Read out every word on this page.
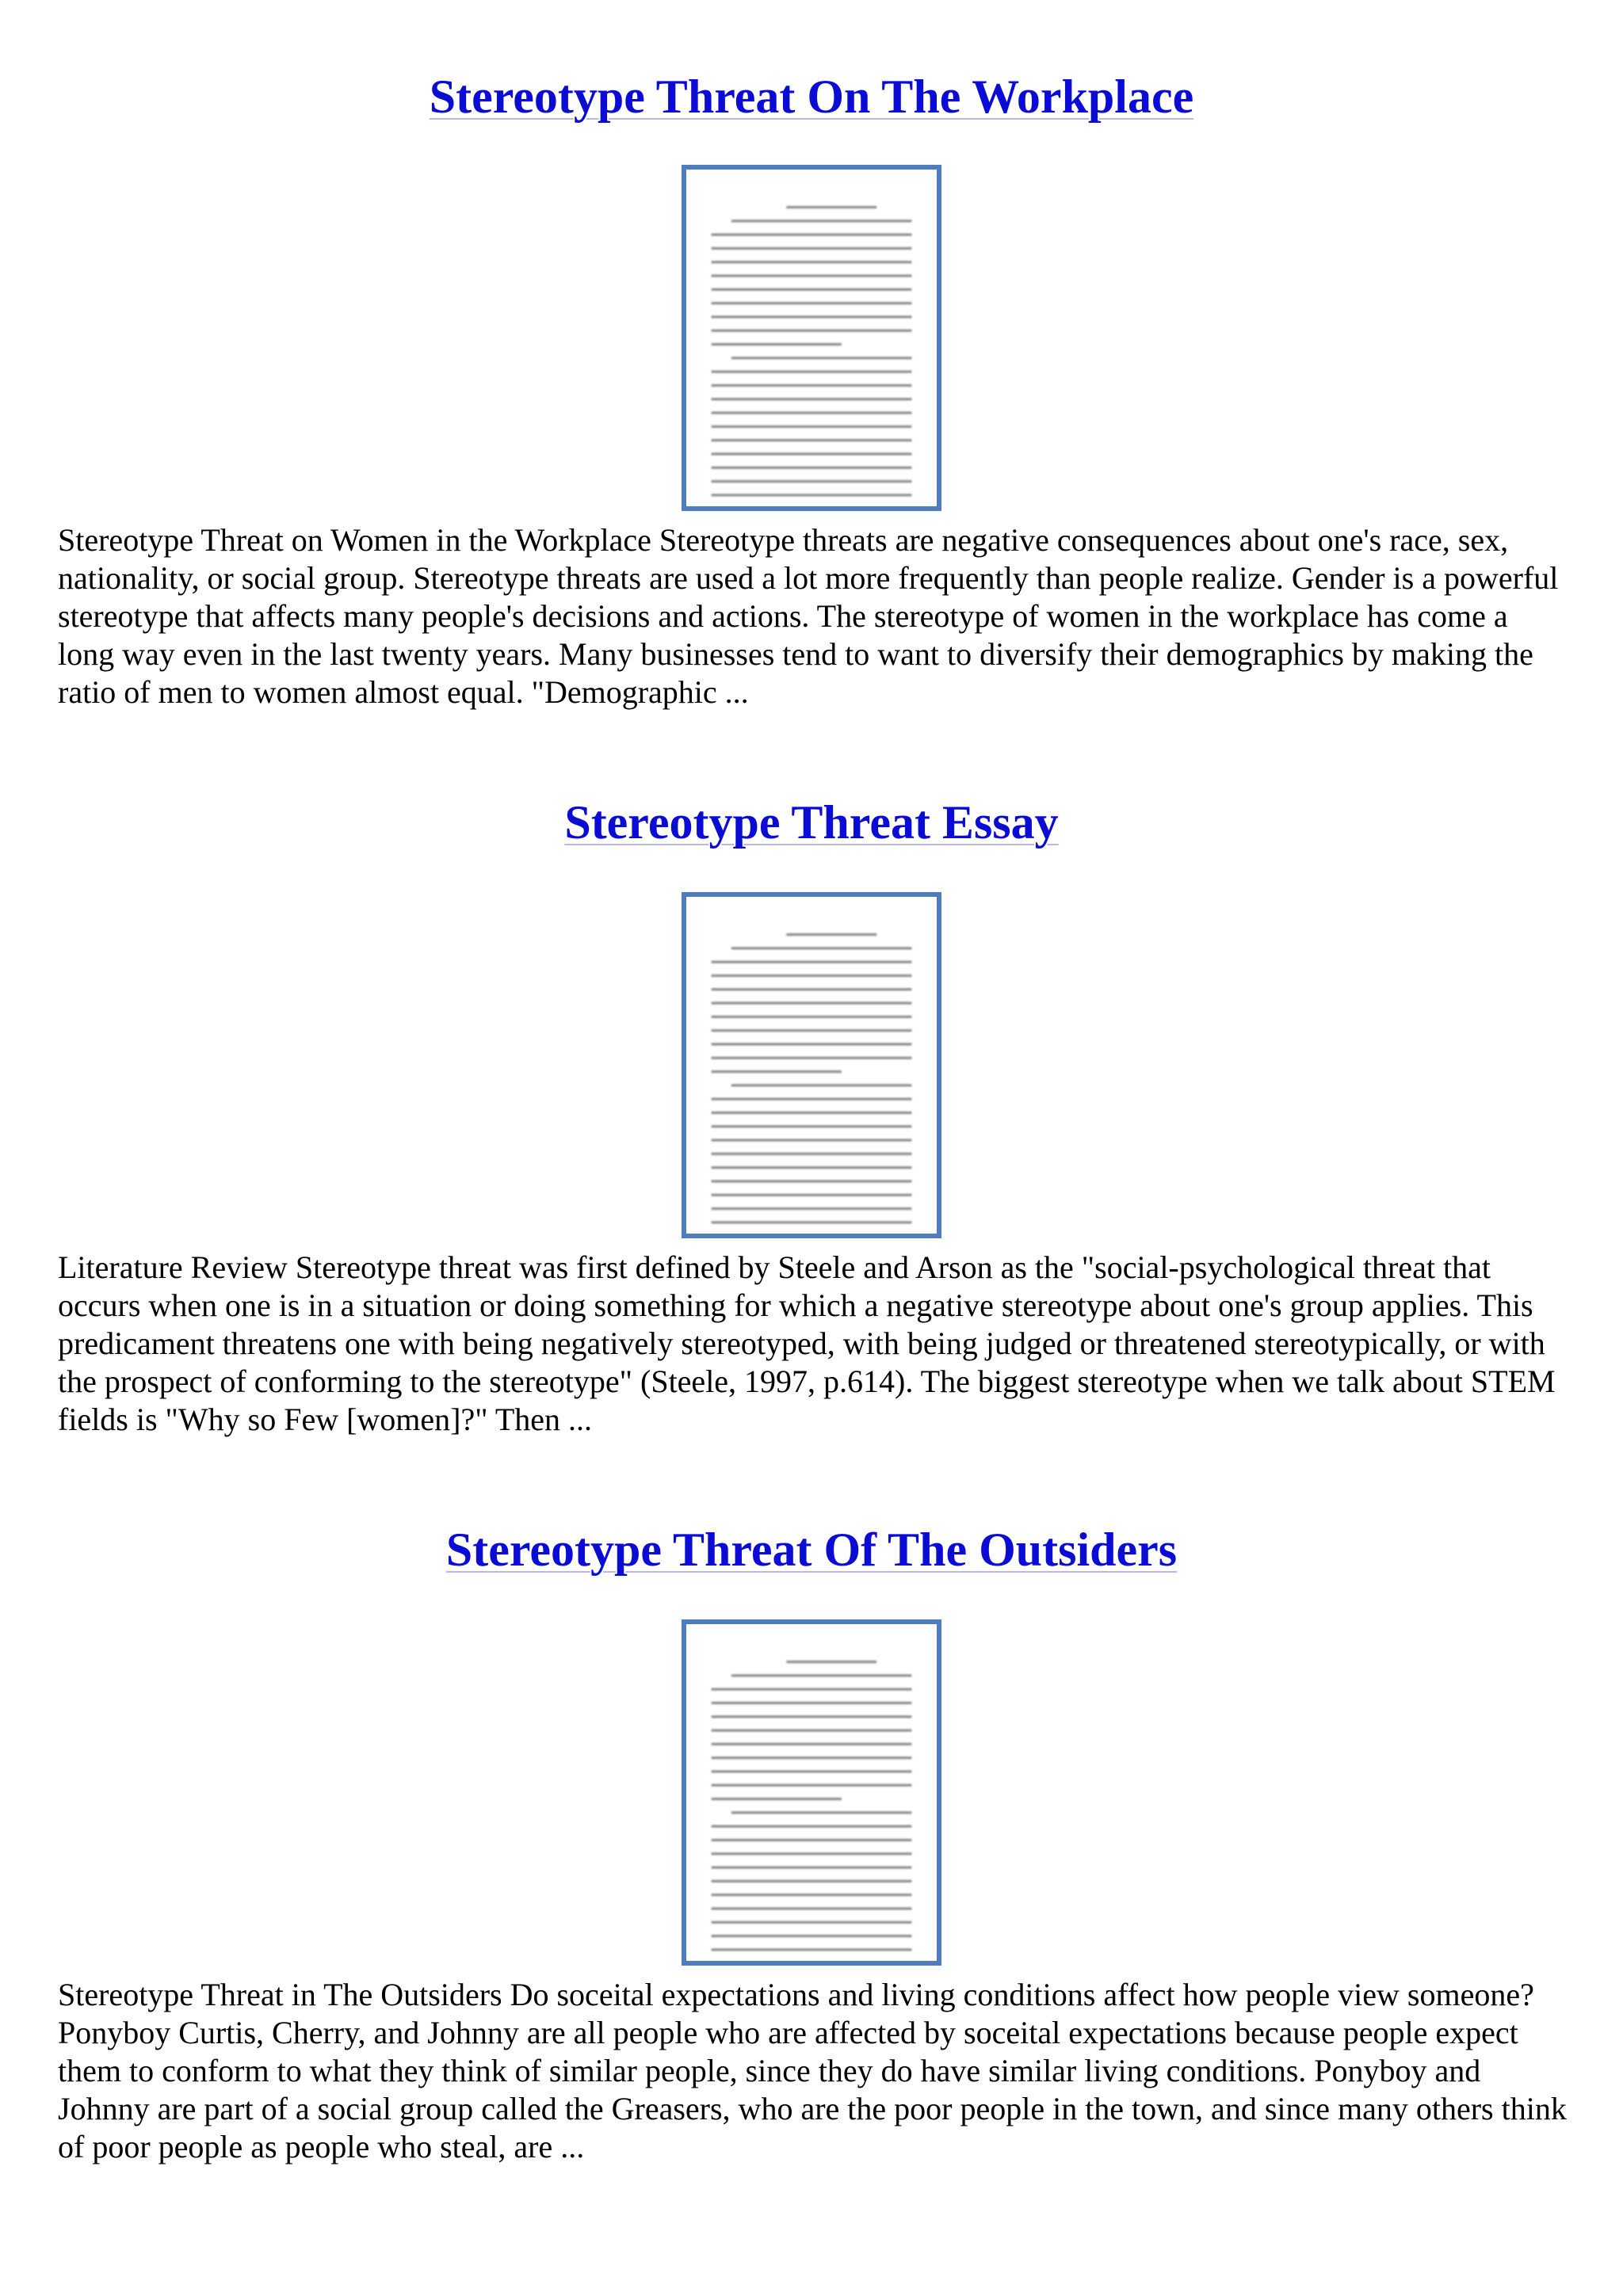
Stereotype Threat On The Workplace

Stereotype Threat on Women in the Workplace Stereotype threats are negative consequences about one's race, sex, nationality, or social group. Stereotype threats are used a lot more frequently than people realize. Gender is a powerful stereotype that affects many people's decisions and actions. The stereotype of women in the workplace has come a long way even in the last twenty years. Many businesses tend to want to diversify their demographics by making the ratio of men to women almost equal. "Demographic ...

Stereotype Threat Essay

Literature Review Stereotype threat was first defined by Steele and Arson as the "social-psychological threat that occurs when one is in a situation or doing something for which a negative stereotype about one's group applies. This predicament threatens one with being negatively stereotyped, with being judged or threatened stereotypically, or with the prospect of conforming to the stereotype" (Steele, 1997, p.614). The biggest stereotype when we talk about STEM fields is "Why so Few [women]?" Then ...

Stereotype Threat Of The Outsiders

Stereotype Threat in The Outsiders Do soceital expectations and living conditions affect how people view someone? Ponyboy Curtis, Cherry, and Johnny are all people who are affected by soceital expectations because people expect them to conform to what they think of similar people, since they do have similar living conditions. Ponyboy and Johnny are part of a social group called the Greasers, who are the poor people in the town, and since many others think of poor people as people who steal, are ...
